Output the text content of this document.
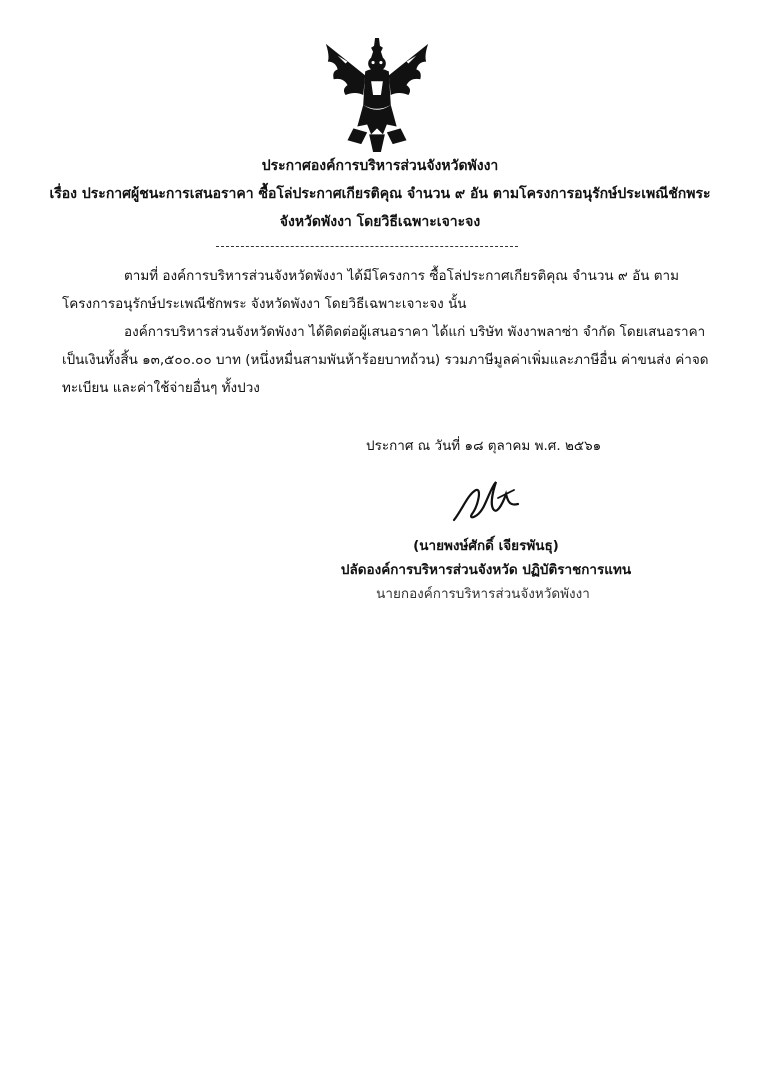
ประกาศองค์การบริหารส่วนจังหวัดพังงา
เรื่อง ประกาศผู้ชนะการเสนอราคา ซื้อโล่ประกาศเกียรติคุณ จำนวน ๙ อัน ตามโครงการอนุรักษ์ประเพณีชักพระ
จังหวัดพังงา โดยวิธีเฉพาะเจาะจง
ตามที่ องค์การบริหารส่วนจังหวัดพังงา ได้มีโครงการ ซื้อโล่ประกาศเกียรติคุณ จำนวน ๙ อัน ตาม
โครงการอนุรักษ์ประเพณีชักพระ จังหวัดพังงา โดยวิธีเฉพาะเจาะจง นั้น
องค์การบริหารส่วนจังหวัดพังงา ได้ติดต่อผู้เสนอราคา ได้แก่ บริษัท พังงาพลาซ่า จำกัด โดยเสนอราคา
เป็นเงินทั้งสิ้น ๑๓,๕๐๐.๐๐ บาท (หนึ่งหมื่นสามพันห้าร้อยบาทถ้วน) รวมภาษีมูลค่าเพิ่มและภาษีอื่น ค่าขนส่ง ค่าจด
ทะเบียน และค่าใช้จ่ายอื่นๆ ทั้งปวง
ประกาศ ณ วันที่ ๑๘ ตุลาคม พ.ศ. ๒๕๖๑
(นายพงษ์ศักดิ์ เจียรพันธุ)
ปลัดองค์การบริหารส่วนจังหวัด ปฏิบัติราชการแทน
นายกองค์การบริหารส่วนจังหวัดพังงา
